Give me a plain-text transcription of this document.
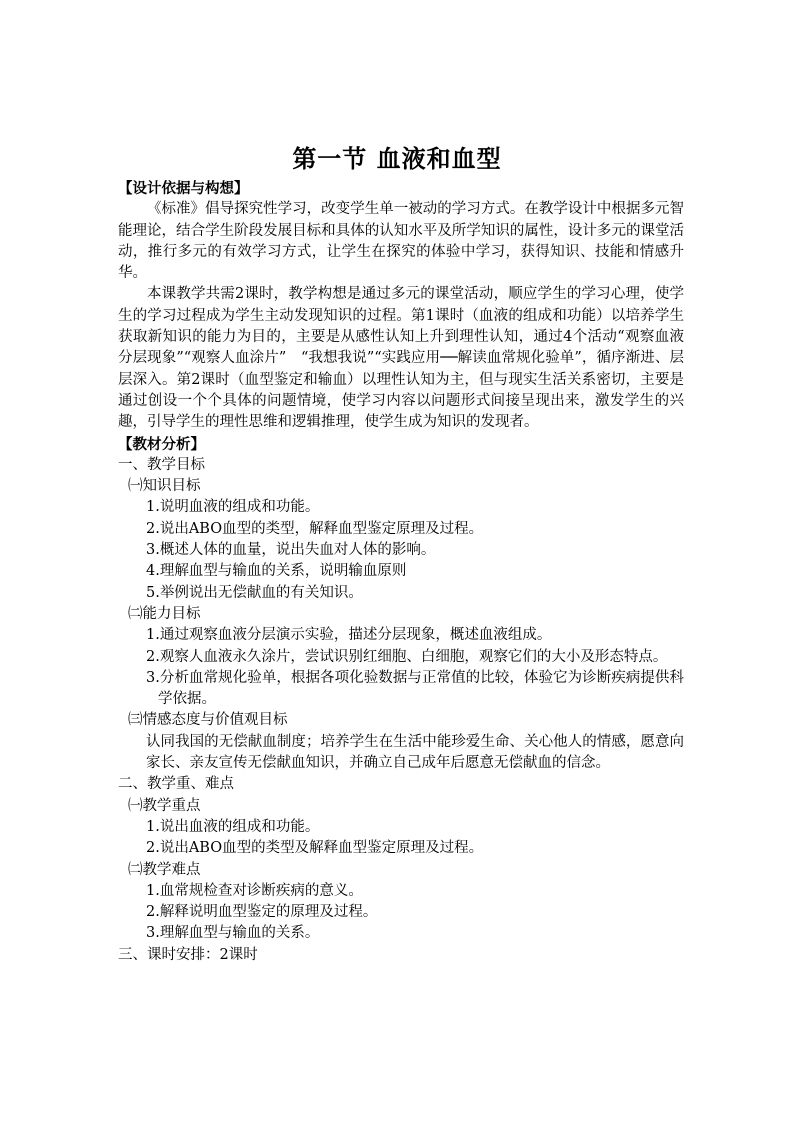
第一节 血液和血型

【设计依据与构想】

《标准》倡导探究性学习，改变学生单一被动的学习方式。在教学设计中根据多元智能理论，结合学生阶段发展目标和具体的认知水平及所学知识的属性，设计多元的课堂活动，推行多元的有效学习方式，让学生在探究的体验中学习，获得知识、技能和情感升华。

本课教学共需2课时，教学构想是通过多元的课堂活动，顺应学生的学习心理，使学生的学习过程成为学生主动发现知识的过程。第1课时（血液的组成和功能）以培养学生获取新知识的能力为目的，主要是从感性认知上升到理性认知，通过4个活动“观察血液分层现象”“观察人血涂片”　“我想我说”“实践应用──解读血常规化验单”，循序渐进、层层深入。第2课时（血型鉴定和输血）以理性认知为主，但与现实生活关系密切，主要是通过创设一个个具体的问题情境，使学习内容以问题形式间接呈现出来，激发学生的兴趣，引导学生的理性思维和逻辑推理，使学生成为知识的发现者。

【教材分析】

一、教学目标

㈠知识目标

1.说明血液的组成和功能。

2.说出ABO血型的类型，解释血型鉴定原理及过程。

3.概述人体的血量，说出失血对人体的影响。

4.理解血型与输血的关系，说明输血原则

5.举例说出无偿献血的有关知识。

㈡能力目标

1.通过观察血液分层演示实验，描述分层现象，概述血液组成。

2.观察人血液永久涂片，尝试识别红细胞、白细胞，观察它们的大小及形态特点。

3.分析血常规化验单，根据各项化验数据与正常值的比较，体验它为诊断疾病提供科学依据。

㈢情感态度与价值观目标

认同我国的无偿献血制度；培养学生在生活中能珍爱生命、关心他人的情感，愿意向家长、亲友宣传无偿献血知识，并确立自己成年后愿意无偿献血的信念。

二、教学重、难点

㈠教学重点

1.说出血液的组成和功能。

2.说出ABO血型的类型及解释血型鉴定原理及过程。

㈡教学难点

1.血常规检查对诊断疾病的意义。

2.解释说明血型鉴定的原理及过程。

3.理解血型与输血的关系。

三、课时安排：2课时
